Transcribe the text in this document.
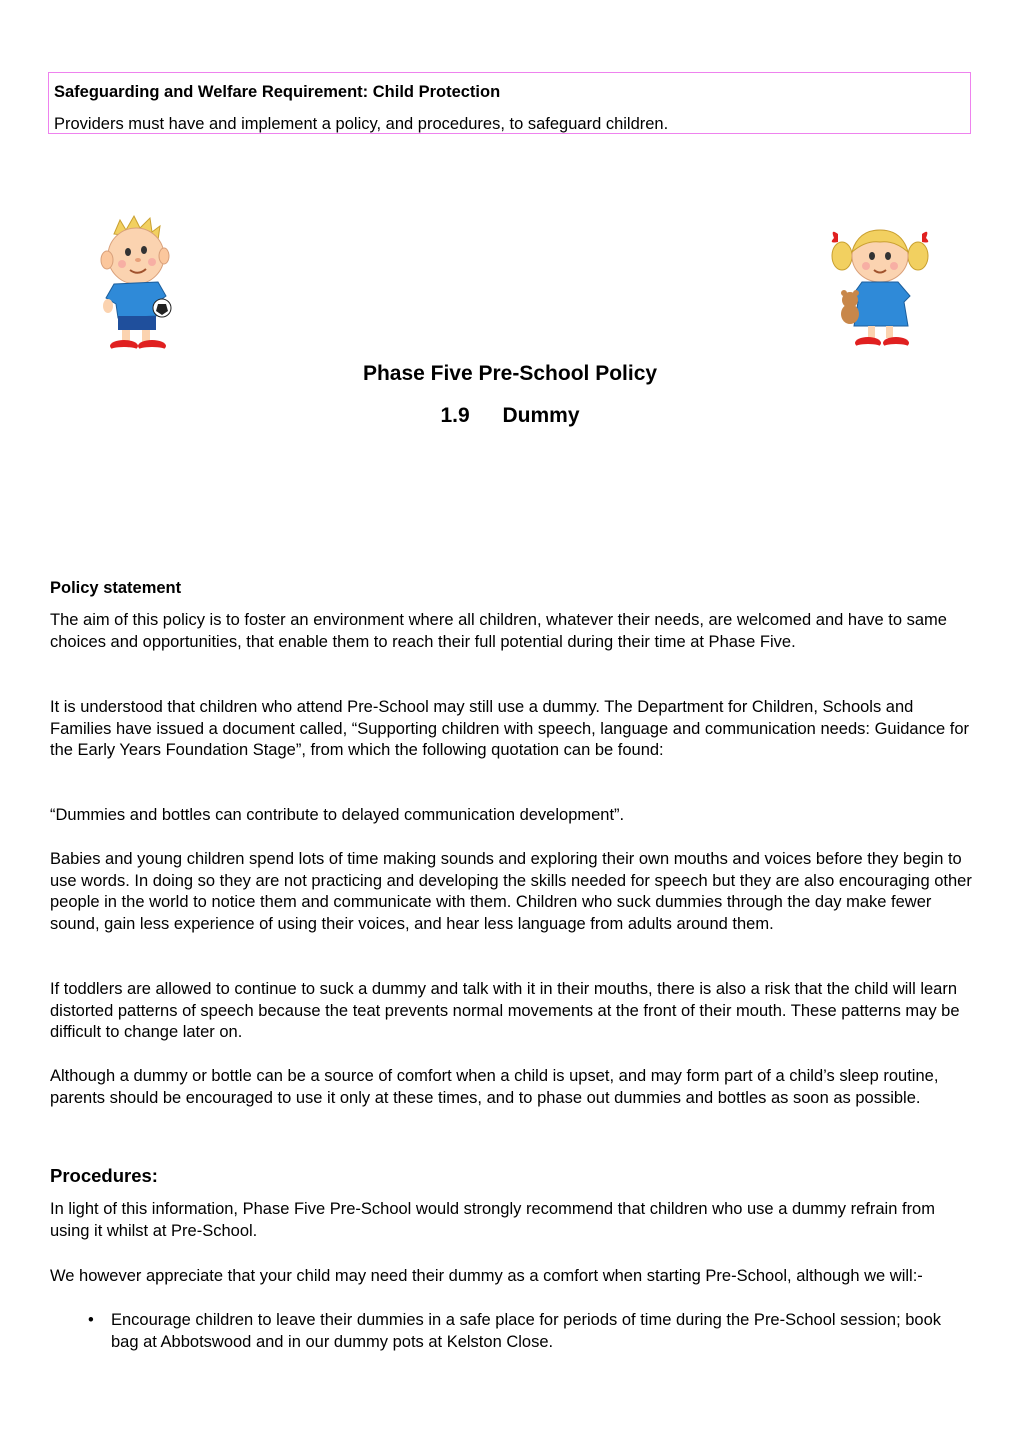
Safeguarding and Welfare Requirement: Child Protection
Providers must have and implement a policy, and procedures, to safeguard children.
Phase Five Pre-School Policy
1.9 Dummy

Policy statement

The aim of this policy is to foster an environment where all children, whatever their needs, are welcomed and have to same choices and opportunities, that enable them to reach their full potential during their time at Phase Five.

It is understood that children who attend Pre-School may still use a dummy. The Department for Children, Schools and Families have issued a document called, “Supporting children with speech, language and communication needs: Guidance for the Early Years Foundation Stage”, from which the following quotation can be found:

“Dummies and bottles can contribute to delayed communication development”.

Babies and young children spend lots of time making sounds and exploring their own mouths and voices before they begin to use words. In doing so they are not practicing and developing the skills needed for speech but they are also encouraging other people in the world to notice them and communicate with them. Children who suck dummies through the day make fewer sound, gain less experience of using their voices, and hear less language from adults around them.

If toddlers are allowed to continue to suck a dummy and talk with it in their mouths, there is also a risk that the child will learn distorted patterns of speech because the teat prevents normal movements at the front of their mouth. These patterns may be difficult to change later on.

Although a dummy or bottle can be a source of comfort when a child is upset, and may form part of a child’s sleep routine, parents should be encouraged to use it only at these times, and to phase out dummies and bottles as soon as possible.

Procedures:

In light of this information, Phase Five Pre-School would strongly recommend that children who use a dummy refrain from using it whilst at Pre-School.

We however appreciate that your child may need their dummy as a comfort when starting Pre-School, although we will:-

• Encourage children to leave their dummies in a safe place for periods of time during the Pre-School session; book bag at Abbotswood and in our dummy pots at Kelston Close.
